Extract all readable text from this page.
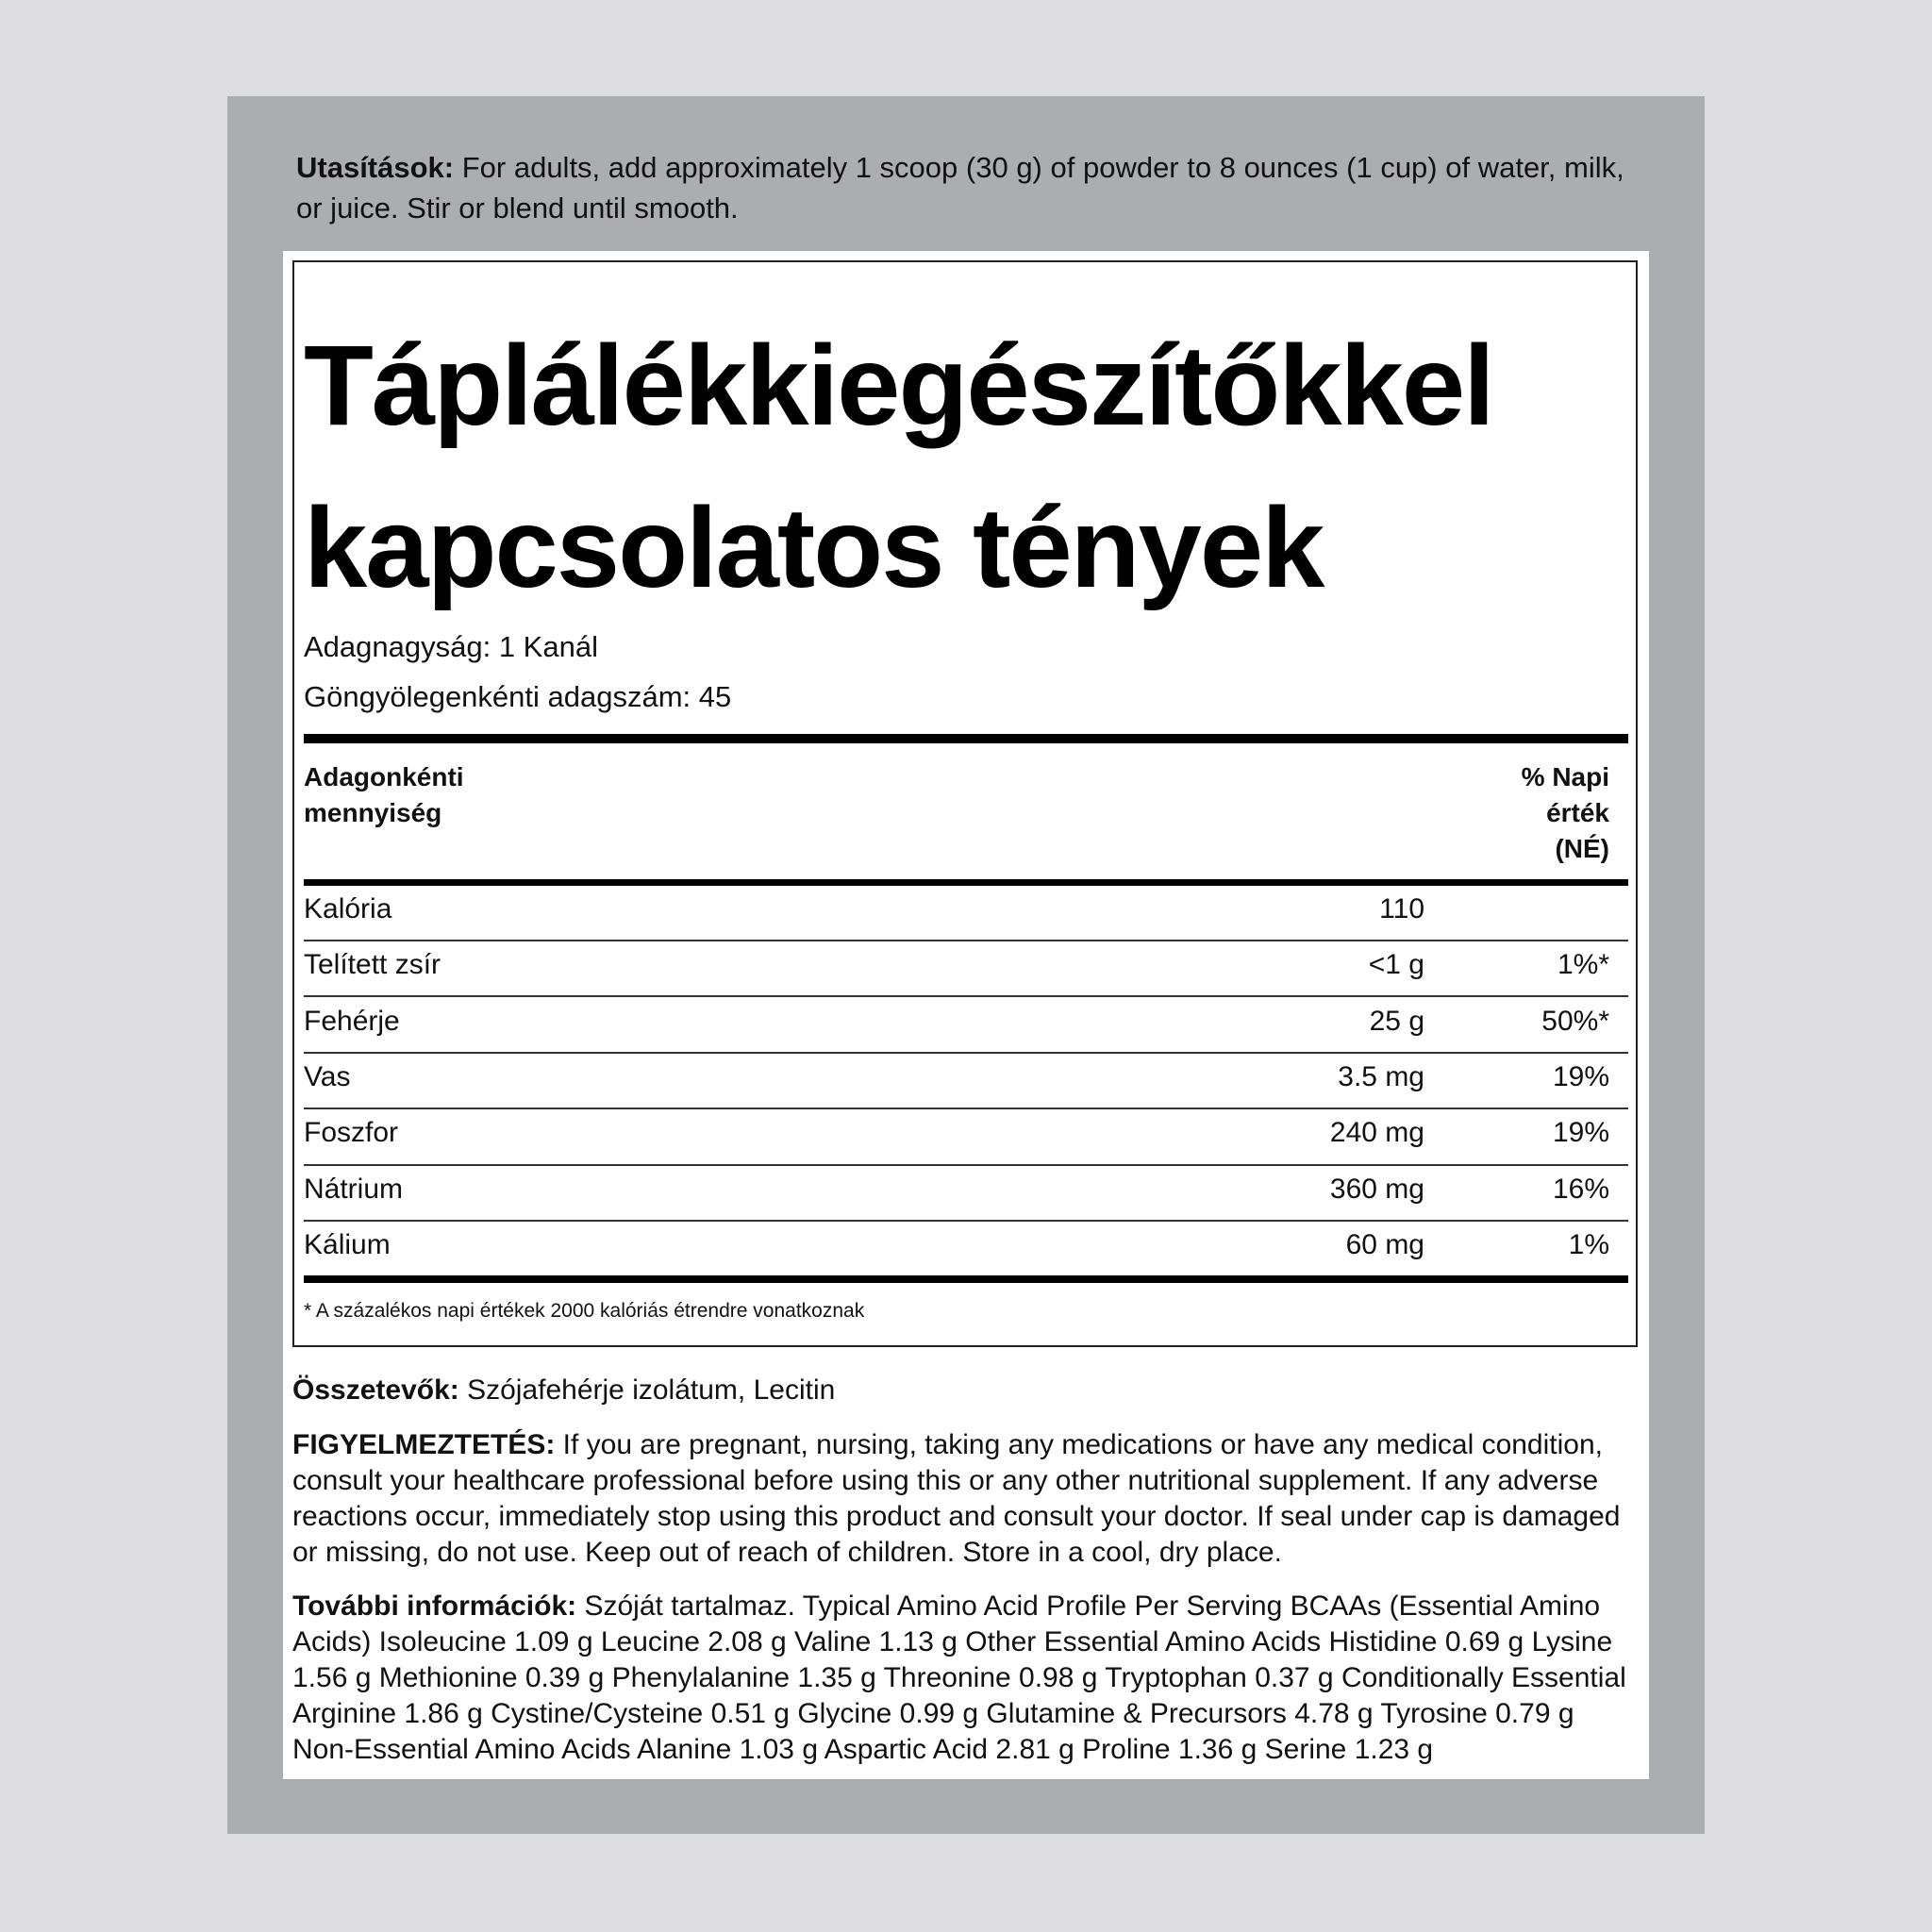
Utasítások: For adults, add approximately 1 scoop (30 g) of powder to 8 ounces (1 cup) of water, milk, or juice. Stir or blend until smooth.
Táplálékkiegészítőkkel
kapcsolatos tények
Adagnagyság: 1 Kanál
Göngyölegenkénti adagszám: 45
Adagonkénti
mennyiség
% Napi
érték
(NÉ)
Kalória	110
Telített zsír	<1 g	1%*
Fehérje	25 g	50%*
Vas	3.5 mg	19%
Foszfor	240 mg	19%
Nátrium	360 mg	16%
Kálium	60 mg	1%
* A százalékos napi értékek 2000 kalóriás étrendre vonatkoznak
Összetevők: Szójafehérje izolátum, Lecitin
FIGYELMEZTETÉS: If you are pregnant, nursing, taking any medications or have any medical condition, consult your healthcare professional before using this or any other nutritional supplement. If any adverse reactions occur, immediately stop using this product and consult your doctor. If seal under cap is damaged or missing, do not use. Keep out of reach of children. Store in a cool, dry place.
További információk: Szóját tartalmaz. Typical Amino Acid Profile Per Serving BCAAs (Essential Amino Acids) Isoleucine 1.09 g Leucine 2.08 g Valine 1.13 g Other Essential Amino Acids Histidine 0.69 g Lysine 1.56 g Methionine 0.39 g Phenylalanine 1.35 g Threonine 0.98 g Tryptophan 0.37 g Conditionally Essential Arginine 1.86 g Cystine/Cysteine 0.51 g Glycine 0.99 g Glutamine & Precursors 4.78 g Tyrosine 0.79 g Non-Essential Amino Acids Alanine 1.03 g Aspartic Acid 2.81 g Proline 1.36 g Serine 1.23 g
